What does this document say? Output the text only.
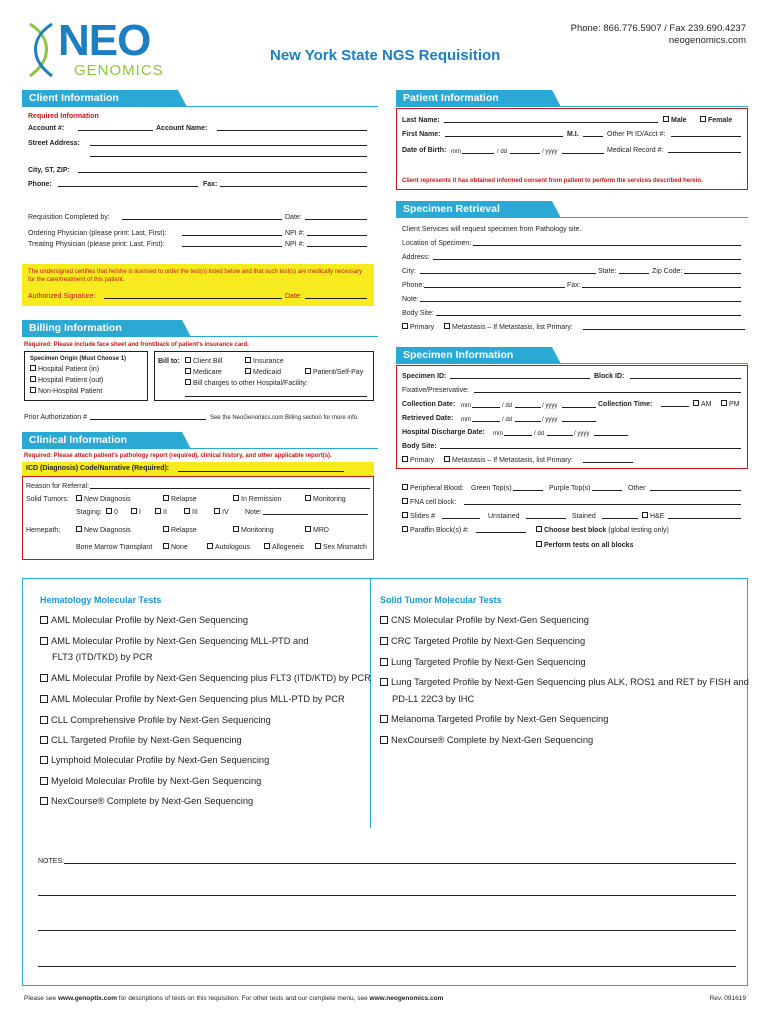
NEO
GENOMICS
Phone: 866.776.5907 / Fax 239.690.4237
neogenomics.com
New York State NGS Requisition
Client Information
Required Information
Account #:	Account Name:
Street Address:
City, ST, ZIP:
Phone:	Fax:
Requisition Completed by:	Date:
Ordering Physician (please print: Last, First):	NPI #:
Treating Physician (please print: Last, First):	NPI #:
The undersigned certifies that he/she is licensed to order the test(s) listed below and that such test(s) are medically necessary for the care/treatment of this patient.
Authorized Signature:	Date:
Billing Information
Required: Please include face sheet and front/back of patient's insurance card.
Specimen Origin (Must Choose 1)
Hospital Patient (in)
Hospital Patient (out)
Non-Hospital Patient
Bill to:	Client Bill	Insurance
Medicare	Medicaid	Patient/Self-Pay
Bill charges to other Hospital/Facility:
Prior Authorization #	See the NeoGenomics.com Billing section for more info.
Clinical Information
Required: Please attach patient's pathology report (required), clinical history, and other applicable report(s).
ICD (Diagnosis) Code/Narrative (Required):
Reason for Referral:
Solid Tumors:	New Diagnosis	Relapse	In Remission	Monitoring
Staging:	0	I	II	III	IV Note:
Hemepath:	New Diagnosis	Relapse	Monitoring	MRD
Bone Marrow Transplant	None	Autologous	Allogeneic	Sex Mismatch
Patient Information
Last Name:	Male	Female
First Name:	M.I.	Other Pt ID/Acct #:
Date of Birth: mm	/ dd	/ yyyy	Medical Record #:
Client represents it has obtained informed consent from patient to perform the services described herein.
Specimen Retrieval
Client Services will request specimen from Pathology site.
Location of Specimen:
Address:
City:	State:	Zip Code:
Phone:	Fax:
Note:
Body Site:
Primary	Metastasis – If Metastasis, list Primary:
Specimen Information
Specimen ID:	Block ID:
Fixative/Preservative:
Collection Date: mm	/ dd	/ yyyy	Collection Time:	AM	PM
Retrieved Date: mm	/ dd	/ yyyy
Hospital Discharge Date: mm	/ dd	/ yyyy
Body Site:
Primary	Metastasis – If Metastasis, list Primary:
Peripheral Blood: Green Top(s)	Purple Top(s)	Other
FNA cell block:
Slides #	Unstained	Stained	H&E
Paraffin Block(s) #:	Choose best block (global testing only)
Perform tests on all blocks
Hematology Molecular Tests
AML Molecular Profile by Next-Gen Sequencing
AML Molecular Profile by Next-Gen Sequencing MLL-PTD and
FLT3 (ITD/TKD) by PCR
AML Molecular Profile by Next-Gen Sequencing plus FLT3 (ITD/KTD) by PCR
AML Molecular Profile by Next-Gen Sequencing plus MLL-PTD by PCR
CLL Comprehensive Profile by Next-Gen Sequencing
CLL Targeted Profile by Next-Gen Sequencing
Lymphoid Molecular Profile by Next-Gen Sequencing
Myeloid Molecular Profile by Next-Gen Sequencing
NexCourse® Complete by Next-Gen Sequencing
Solid Tumor Molecular Tests
CNS Molecular Profile by Next-Gen Sequencing
CRC Targeted Profile by Next-Gen Sequencing
Lung Targeted Profile by Next-Gen Sequencing
Lung Targeted Profile by Next-Gen Sequencing plus ALK, ROS1 and RET by FISH and
PD-L1 22C3 by IHC
Melanoma Targeted Profile by Next-Gen Sequencing
NexCourse® Complete by Next-Gen Sequencing
NOTES:
Please see www.genoptix.com for descriptions of tests on this requisition. For other tests and our complete menu, see www.neogenomics.com	Rev. 091619
